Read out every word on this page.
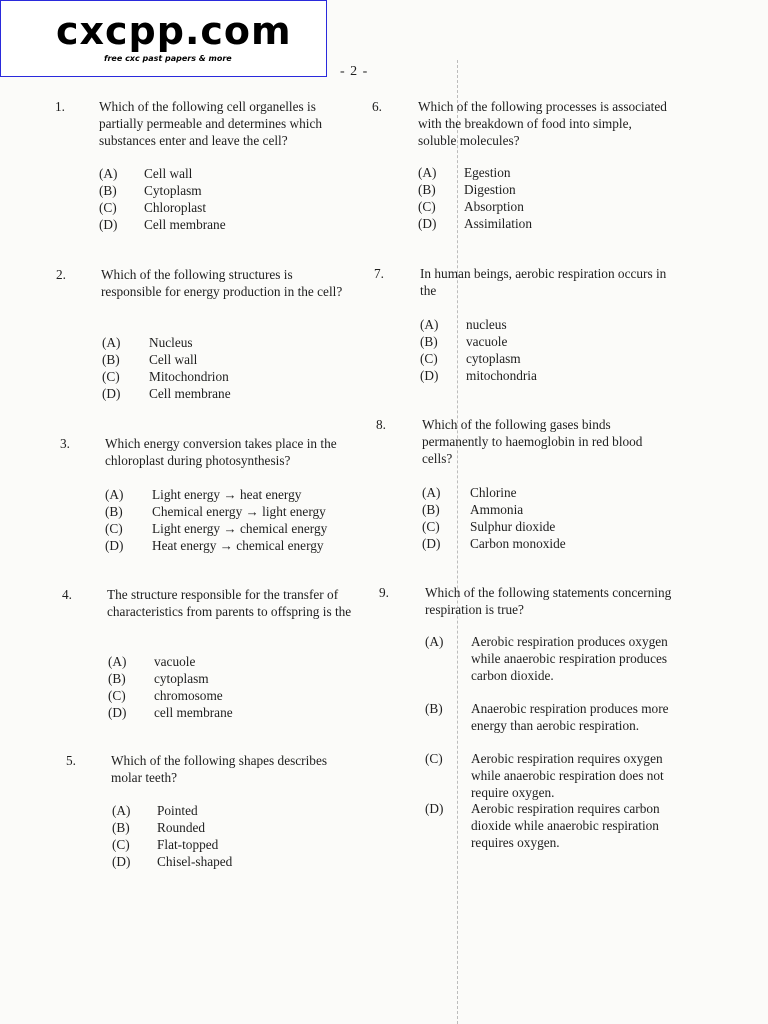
cxcpp.com
free cxc past papers & more
- 2 -
1.	Which of the following cell organelles is partially permeable and determines which substances enter and leave the cell?
(A) Cell wall
(B) Cytoplasm
(C) Chloroplast
(D) Cell membrane
2.	Which of the following structures is responsible for energy production in the cell?
(A) Nucleus
(B) Cell wall
(C) Mitochondrion
(D) Cell membrane
3.	Which energy conversion takes place in the chloroplast during photosynthesis?
(A) Light energy → heat energy
(B) Chemical energy → light energy
(C) Light energy → chemical energy
(D) Heat energy → chemical energy
4.	The structure responsible for the transfer of characteristics from parents to offspring is the
(A) vacuole
(B) cytoplasm
(C) chromosome
(D) cell membrane
5.	Which of the following shapes describes molar teeth?
(A) Pointed
(B) Rounded
(C) Flat-topped
(D) Chisel-shaped
6.	Which of the following processes is associated with the breakdown of food into simple, soluble molecules?
(A) Egestion
(B) Digestion
(C) Absorption
(D) Assimilation
7.	In human beings, aerobic respiration occurs in the
(A) nucleus
(B) vacuole
(C) cytoplasm
(D) mitochondria
8.	Which of the following gases binds permanently to haemoglobin in red blood cells?
(A) Chlorine
(B) Ammonia
(C) Sulphur dioxide
(D) Carbon monoxide
9.	Which of the following statements concerning respiration is true?
(A) Aerobic respiration produces oxygen while anaerobic respiration produces carbon dioxide.
(B) Anaerobic respiration produces more energy than aerobic respiration.
(C) Aerobic respiration requires oxygen while anaerobic respiration does not require oxygen.
(D) Aerobic respiration requires carbon dioxide while anaerobic respiration requires oxygen.
